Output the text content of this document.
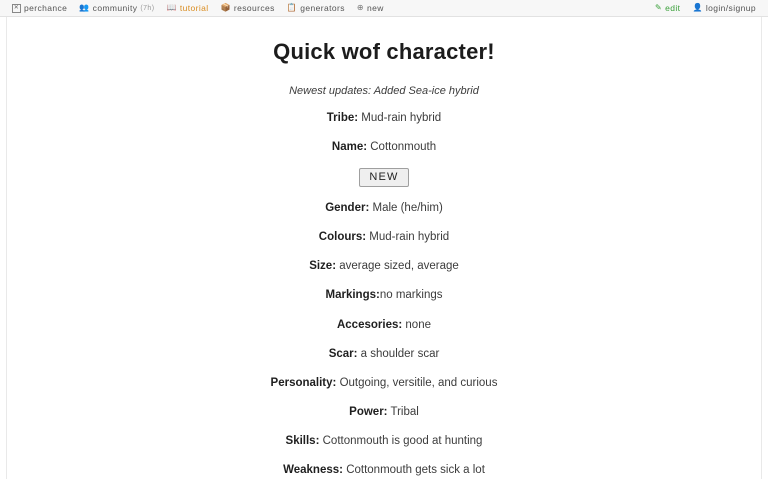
✕ perchance 👥 community (7h) 📖 tutorial 📦 resources 📋 generators ⊕ new	✎ edit 👤 login/signup
Quick wof character!
Newest updates: Added Sea-ice hybrid
Tribe: Mud-rain hybrid
Name: Cottonmouth
NEW
Gender: Male (he/him)
Colours: Mud-rain hybrid
Size: average sized, average
Markings:no markings
Accesories: none
Scar: a shoulder scar
Personality: Outgoing, versitile, and curious
Power: Tribal
Skills: Cottonmouth is good at hunting
Weakness: Cottonmouth gets sick a lot
